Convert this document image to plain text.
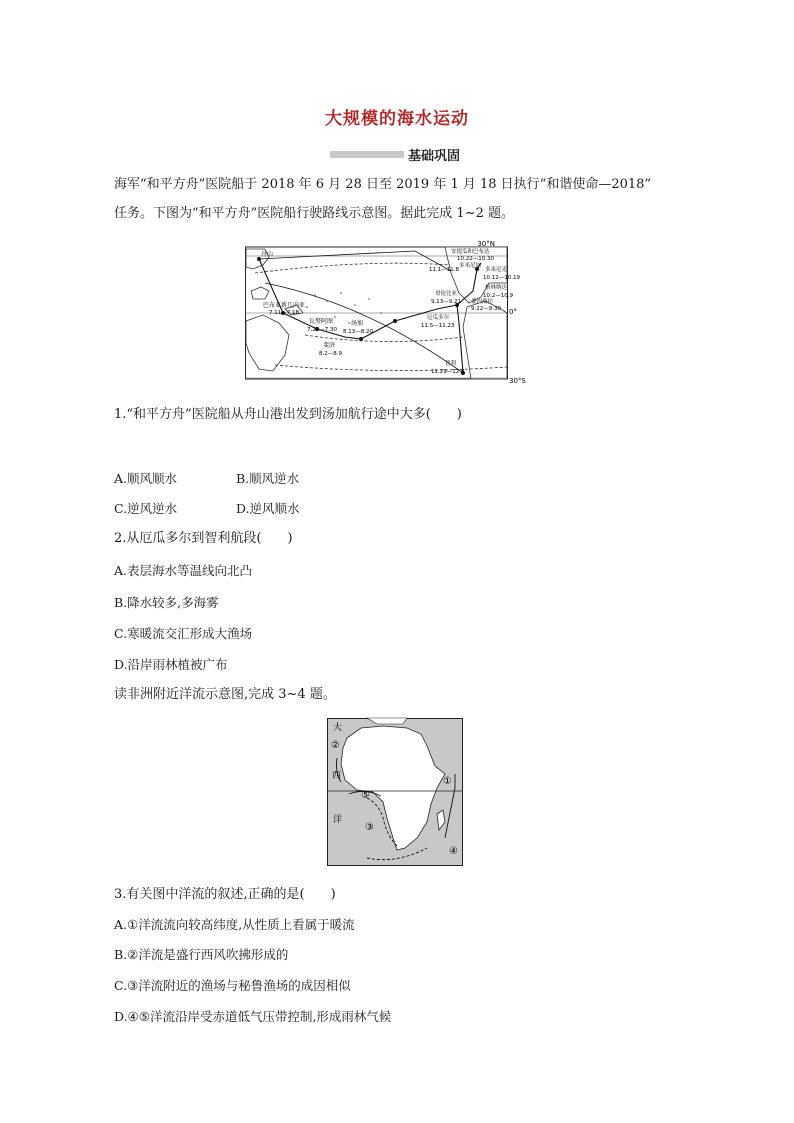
大规模的海水运动
基础巩固
海军“和平方舟”医院船于 2018 年 6 月 28 日至 2019 年 1 月 18 日执行“和谐使命—2018”
任务。下图为“和平方舟”医院船行驶路线示意图。据此完成 1~2 题。
30°N
0°
30°S
舟山
巴布亚新几内亚
7.11—7.18
瓦努阿图
7.23—7.30
汤加
8.13—8.20
斐济
8.2—8.9
安提瓜和巴布达
10.22—10.30
多米尼加
多米尼克
10.12—10.19
格林纳达
10.2—10.9
哥伦比亚
9.13—9.21 委内瑞拉
9.22—9.30
厄瓜多尔
11.5—11.23
智利
11.29—12.8
11.1—11.8
1.“和平方舟”医院船从舟山港出发到汤加航行途中大多(　　)
A.顺风顺水	B.顺风逆水
C.逆风逆水	D.逆风顺水
2.从厄瓜多尔到智利航段(　　)
A.表层海水等温线向北凸
B.降水较多,多海雾
C.寒暖流交汇形成大渔场
D.沿岸雨林植被广布
读非洲附近洋流示意图,完成 3~4 题。
大
西
洋
①
②
③
④
⑤
3.有关图中洋流的叙述,正确的是(　　)
A.①洋流流向较高纬度,从性质上看属于暖流
B.②洋流是盛行西风吹拂形成的
C.③洋流附近的渔场与秘鲁渔场的成因相似
D.④⑤洋流沿岸受赤道低气压带控制,形成雨林气候
